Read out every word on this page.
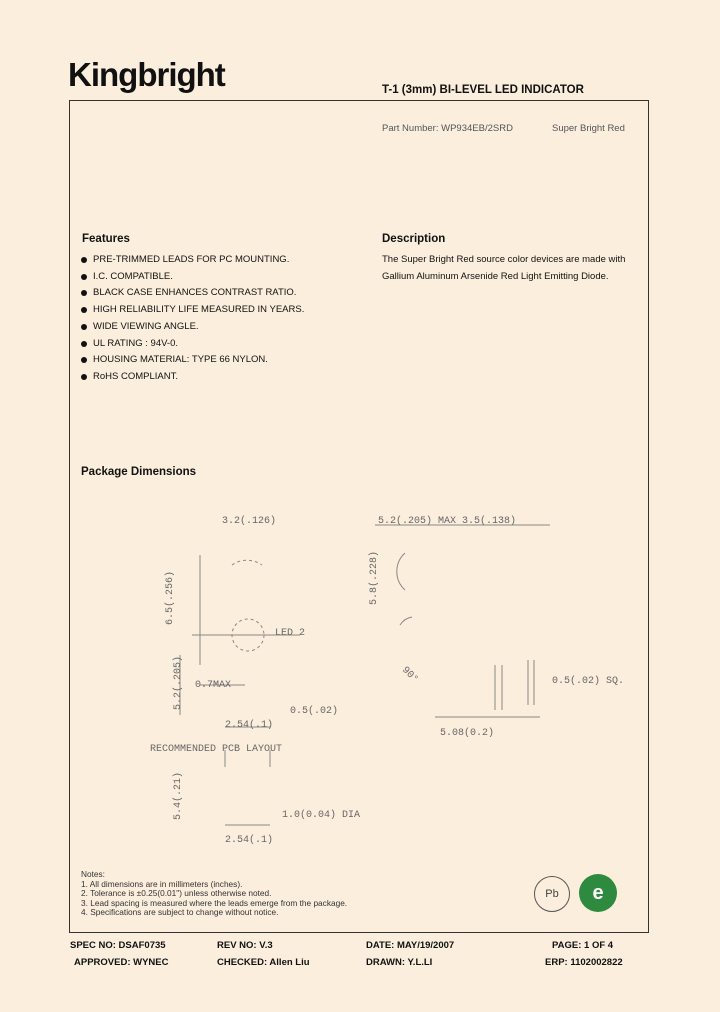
Kingbright	T-1 (3mm) BI-LEVEL LED INDICATOR
Part Number: WP934EB/2SRD	Super Bright Red
Features
PRE-TRIMMED LEADS FOR PC MOUNTING.
I.C. COMPATIBLE.
BLACK CASE ENHANCES CONTRAST RATIO.
HIGH RELIABILITY LIFE MEASURED IN YEARS.
WIDE VIEWING ANGLE.
UL RATING : 94V-0.
HOUSING MATERIAL: TYPE 66 NYLON.
RoHS COMPLIANT.
Description
The Super Bright Red source color devices are made with Gallium Aluminum Arsenide Red Light Emitting Diode.
Package Dimensions
3.2(.126)
6.5(.256)
5.2(.205) 0.7MAX
LED 2
0.5(.02)
2.54(.1)
RECOMMENDED PCB LAYOUT
5.4(.21)	1.0(0.04) DIA
2.54(.1)
5.2(.205) MAX 3.5(.138)
5.8(.228)
90°	0.5(.02) SQ.
5.08(0.2)
Notes:
1. All dimensions are in millimeters (inches).
2. Tolerance is ±0.25(0.01") unless otherwise noted.
3. Lead spacing is measured where the leads emerge from the package.
4. Specifications are subject to change without notice.
Pb e
SPEC NO: DSAF0735	REV NO: V.3	DATE: MAY/19/2007	PAGE: 1 OF 4
APPROVED: WYNEC	CHECKED: Allen Liu	DRAWN: Y.L.LI	ERP: 1102002822
